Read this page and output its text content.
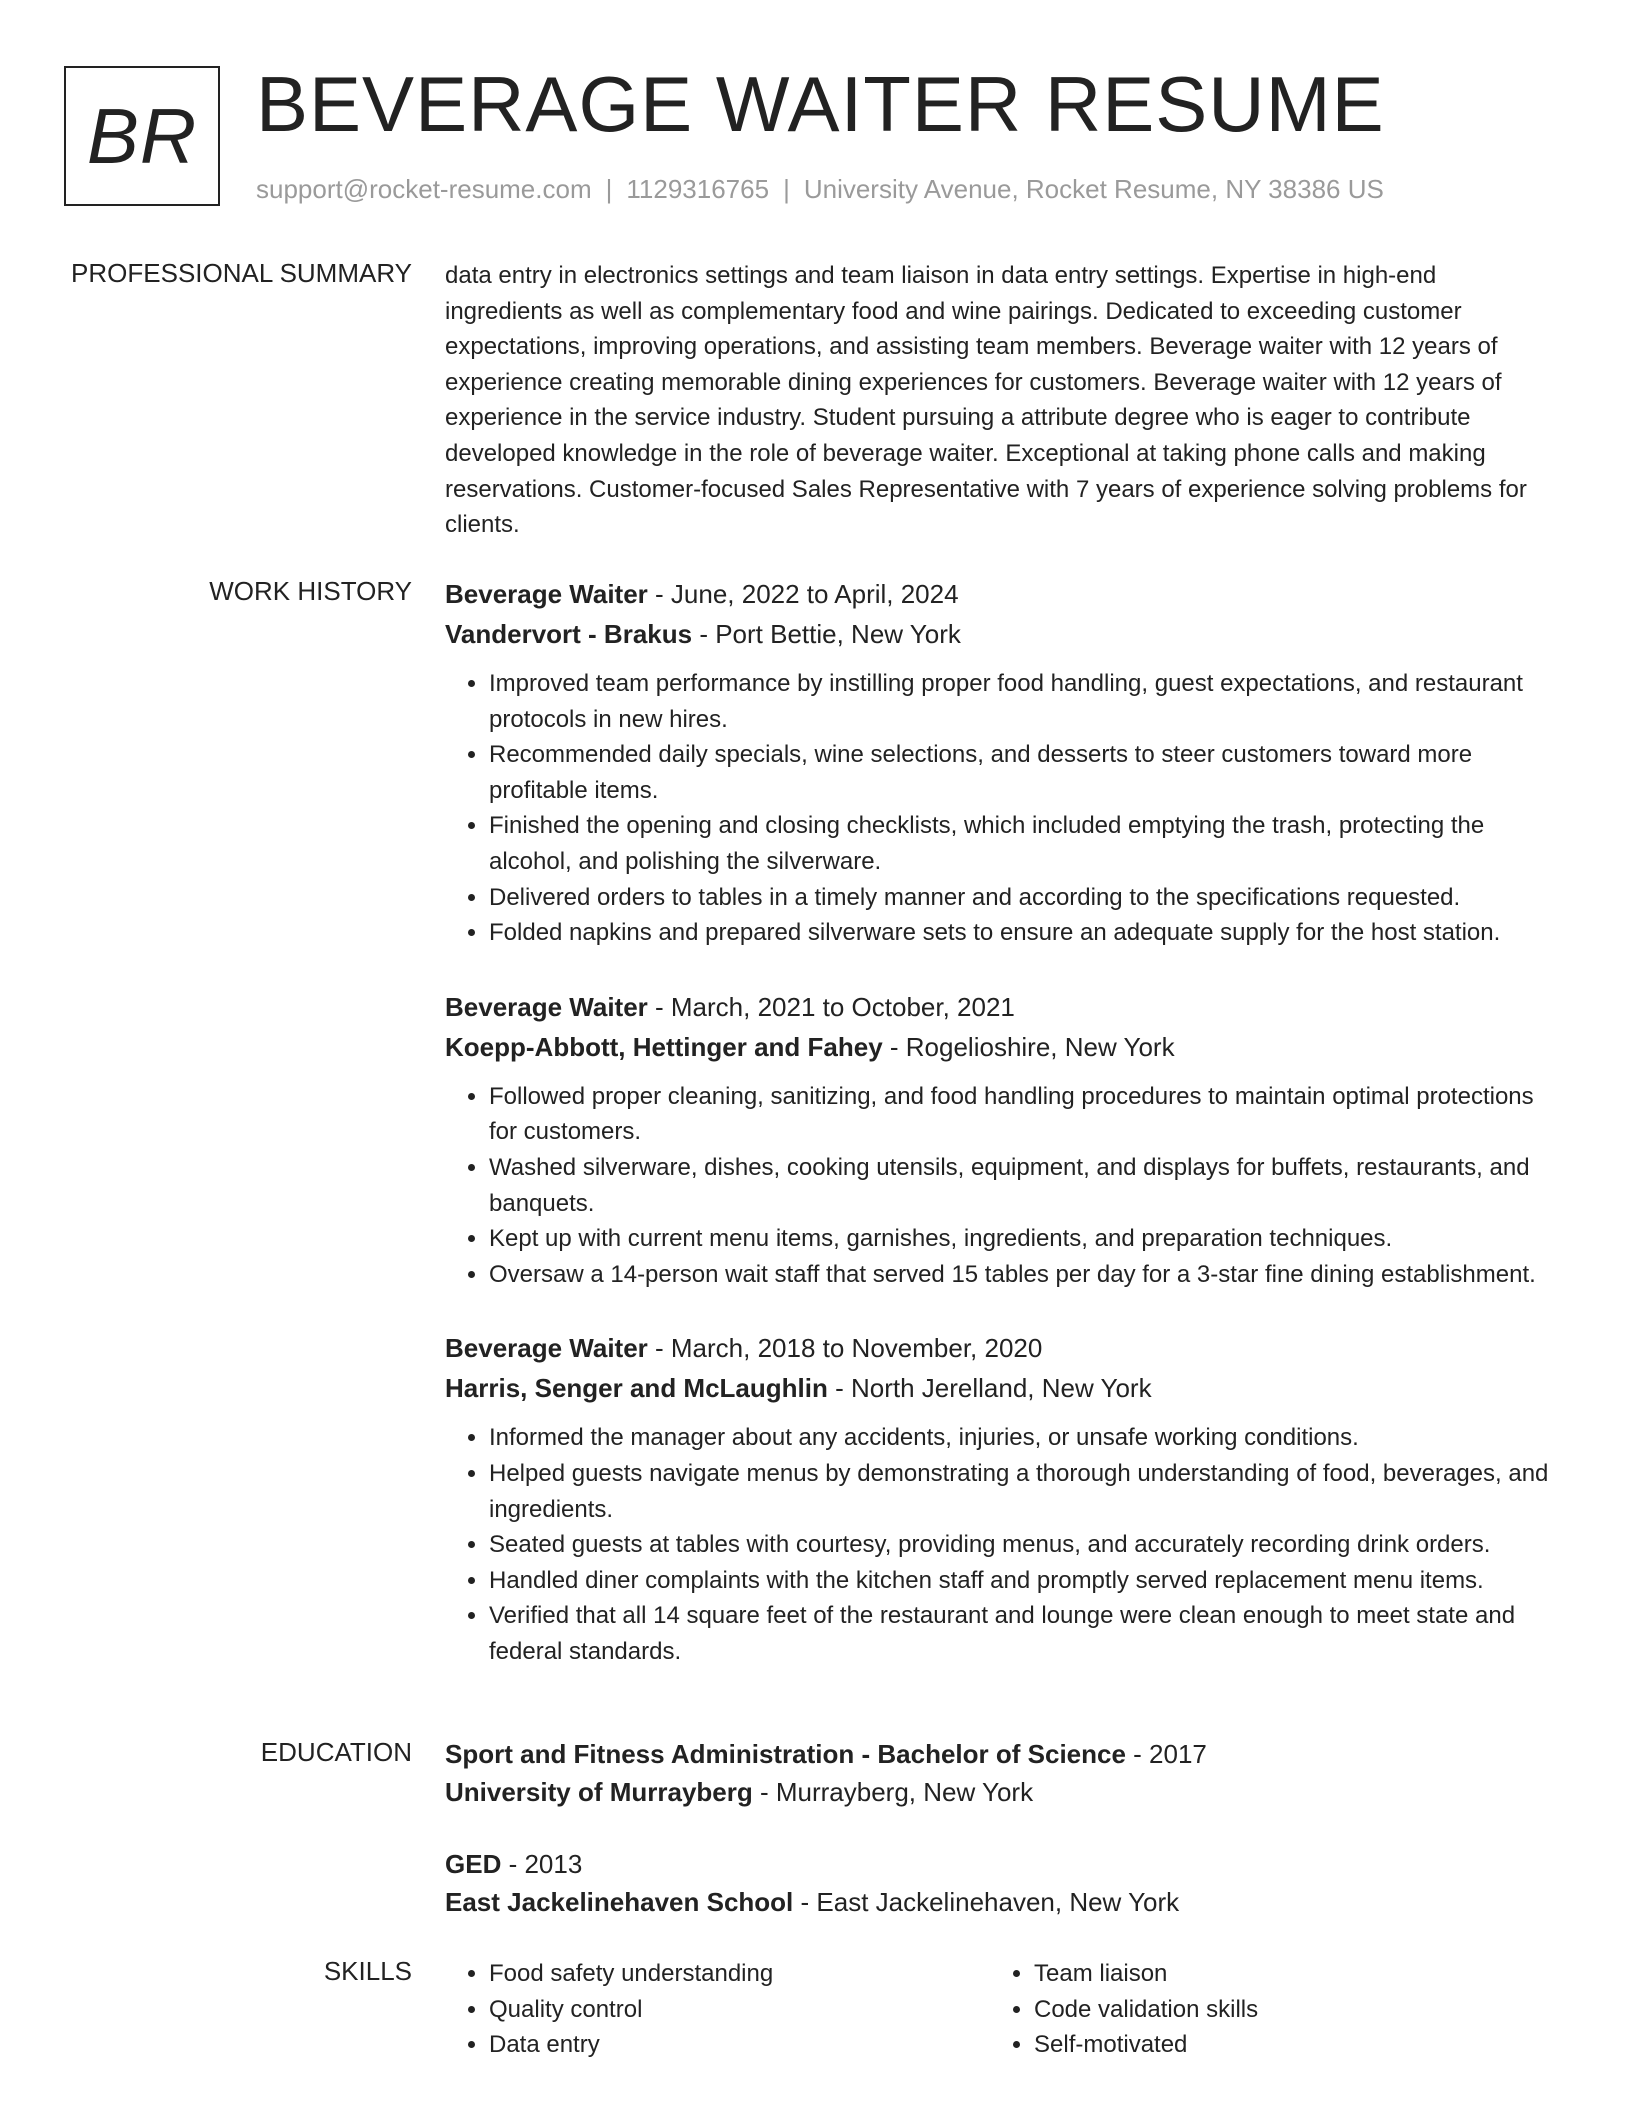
BR BEVERAGE WAITER RESUME
support@rocket-resume.com | 1129316765 | University Avenue, Rocket Resume, NY 38386 US
PROFESSIONAL SUMMARY data entry in electronics settings and team liaison in data entry settings. Expertise in high-end ingredients as well as complementary food and wine pairings. Dedicated to exceeding customer expectations, improving operations, and assisting team members. Beverage waiter with 12 years of experience creating memorable dining experiences for customers. Beverage waiter with 12 years of experience in the service industry. Student pursuing a attribute degree who is eager to contribute developed knowledge in the role of beverage waiter. Exceptional at taking phone calls and making reservations. Customer-focused Sales Representative with 7 years of experience solving problems for clients.

WORK HISTORY Beverage Waiter - June, 2022 to April, 2024
Vandervort - Brakus - Port Bettie, New York
• Improved team performance by instilling proper food handling, guest expectations, and restaurant protocols in new hires.
• Recommended daily specials, wine selections, and desserts to steer customers toward more profitable items.
• Finished the opening and closing checklists, which included emptying the trash, protecting the alcohol, and polishing the silverware.
• Delivered orders to tables in a timely manner and according to the specifications requested.
• Folded napkins and prepared silverware sets to ensure an adequate supply for the host station.
Beverage Waiter - March, 2021 to October, 2021
Koepp-Abbott, Hettinger and Fahey - Rogelioshire, New York
• Followed proper cleaning, sanitizing, and food handling procedures to maintain optimal protections for customers.
• Washed silverware, dishes, cooking utensils, equipment, and displays for buffets, restaurants, and banquets.
• Kept up with current menu items, garnishes, ingredients, and preparation techniques.
• Oversaw a 14-person wait staff that served 15 tables per day for a 3-star fine dining establishment.
Beverage Waiter - March, 2018 to November, 2020
Harris, Senger and McLaughlin - North Jerelland, New York
• Informed the manager about any accidents, injuries, or unsafe working conditions.
• Helped guests navigate menus by demonstrating a thorough understanding of food, beverages, and ingredients.
• Seated guests at tables with courtesy, providing menus, and accurately recording drink orders.
• Handled diner complaints with the kitchen staff and promptly served replacement menu items.
• Verified that all 14 square feet of the restaurant and lounge were clean enough to meet state and federal standards.
EDUCATION Sport and Fitness Administration - Bachelor of Science - 2017
University of Murrayberg - Murrayberg, New York
GED - 2013
East Jackelinehaven School - East Jackelinehaven, New York
SKILLS
•	Food safety understanding
• Quality control
• Data entry
• Team liaison
• Code validation skills
• Self-motivated
